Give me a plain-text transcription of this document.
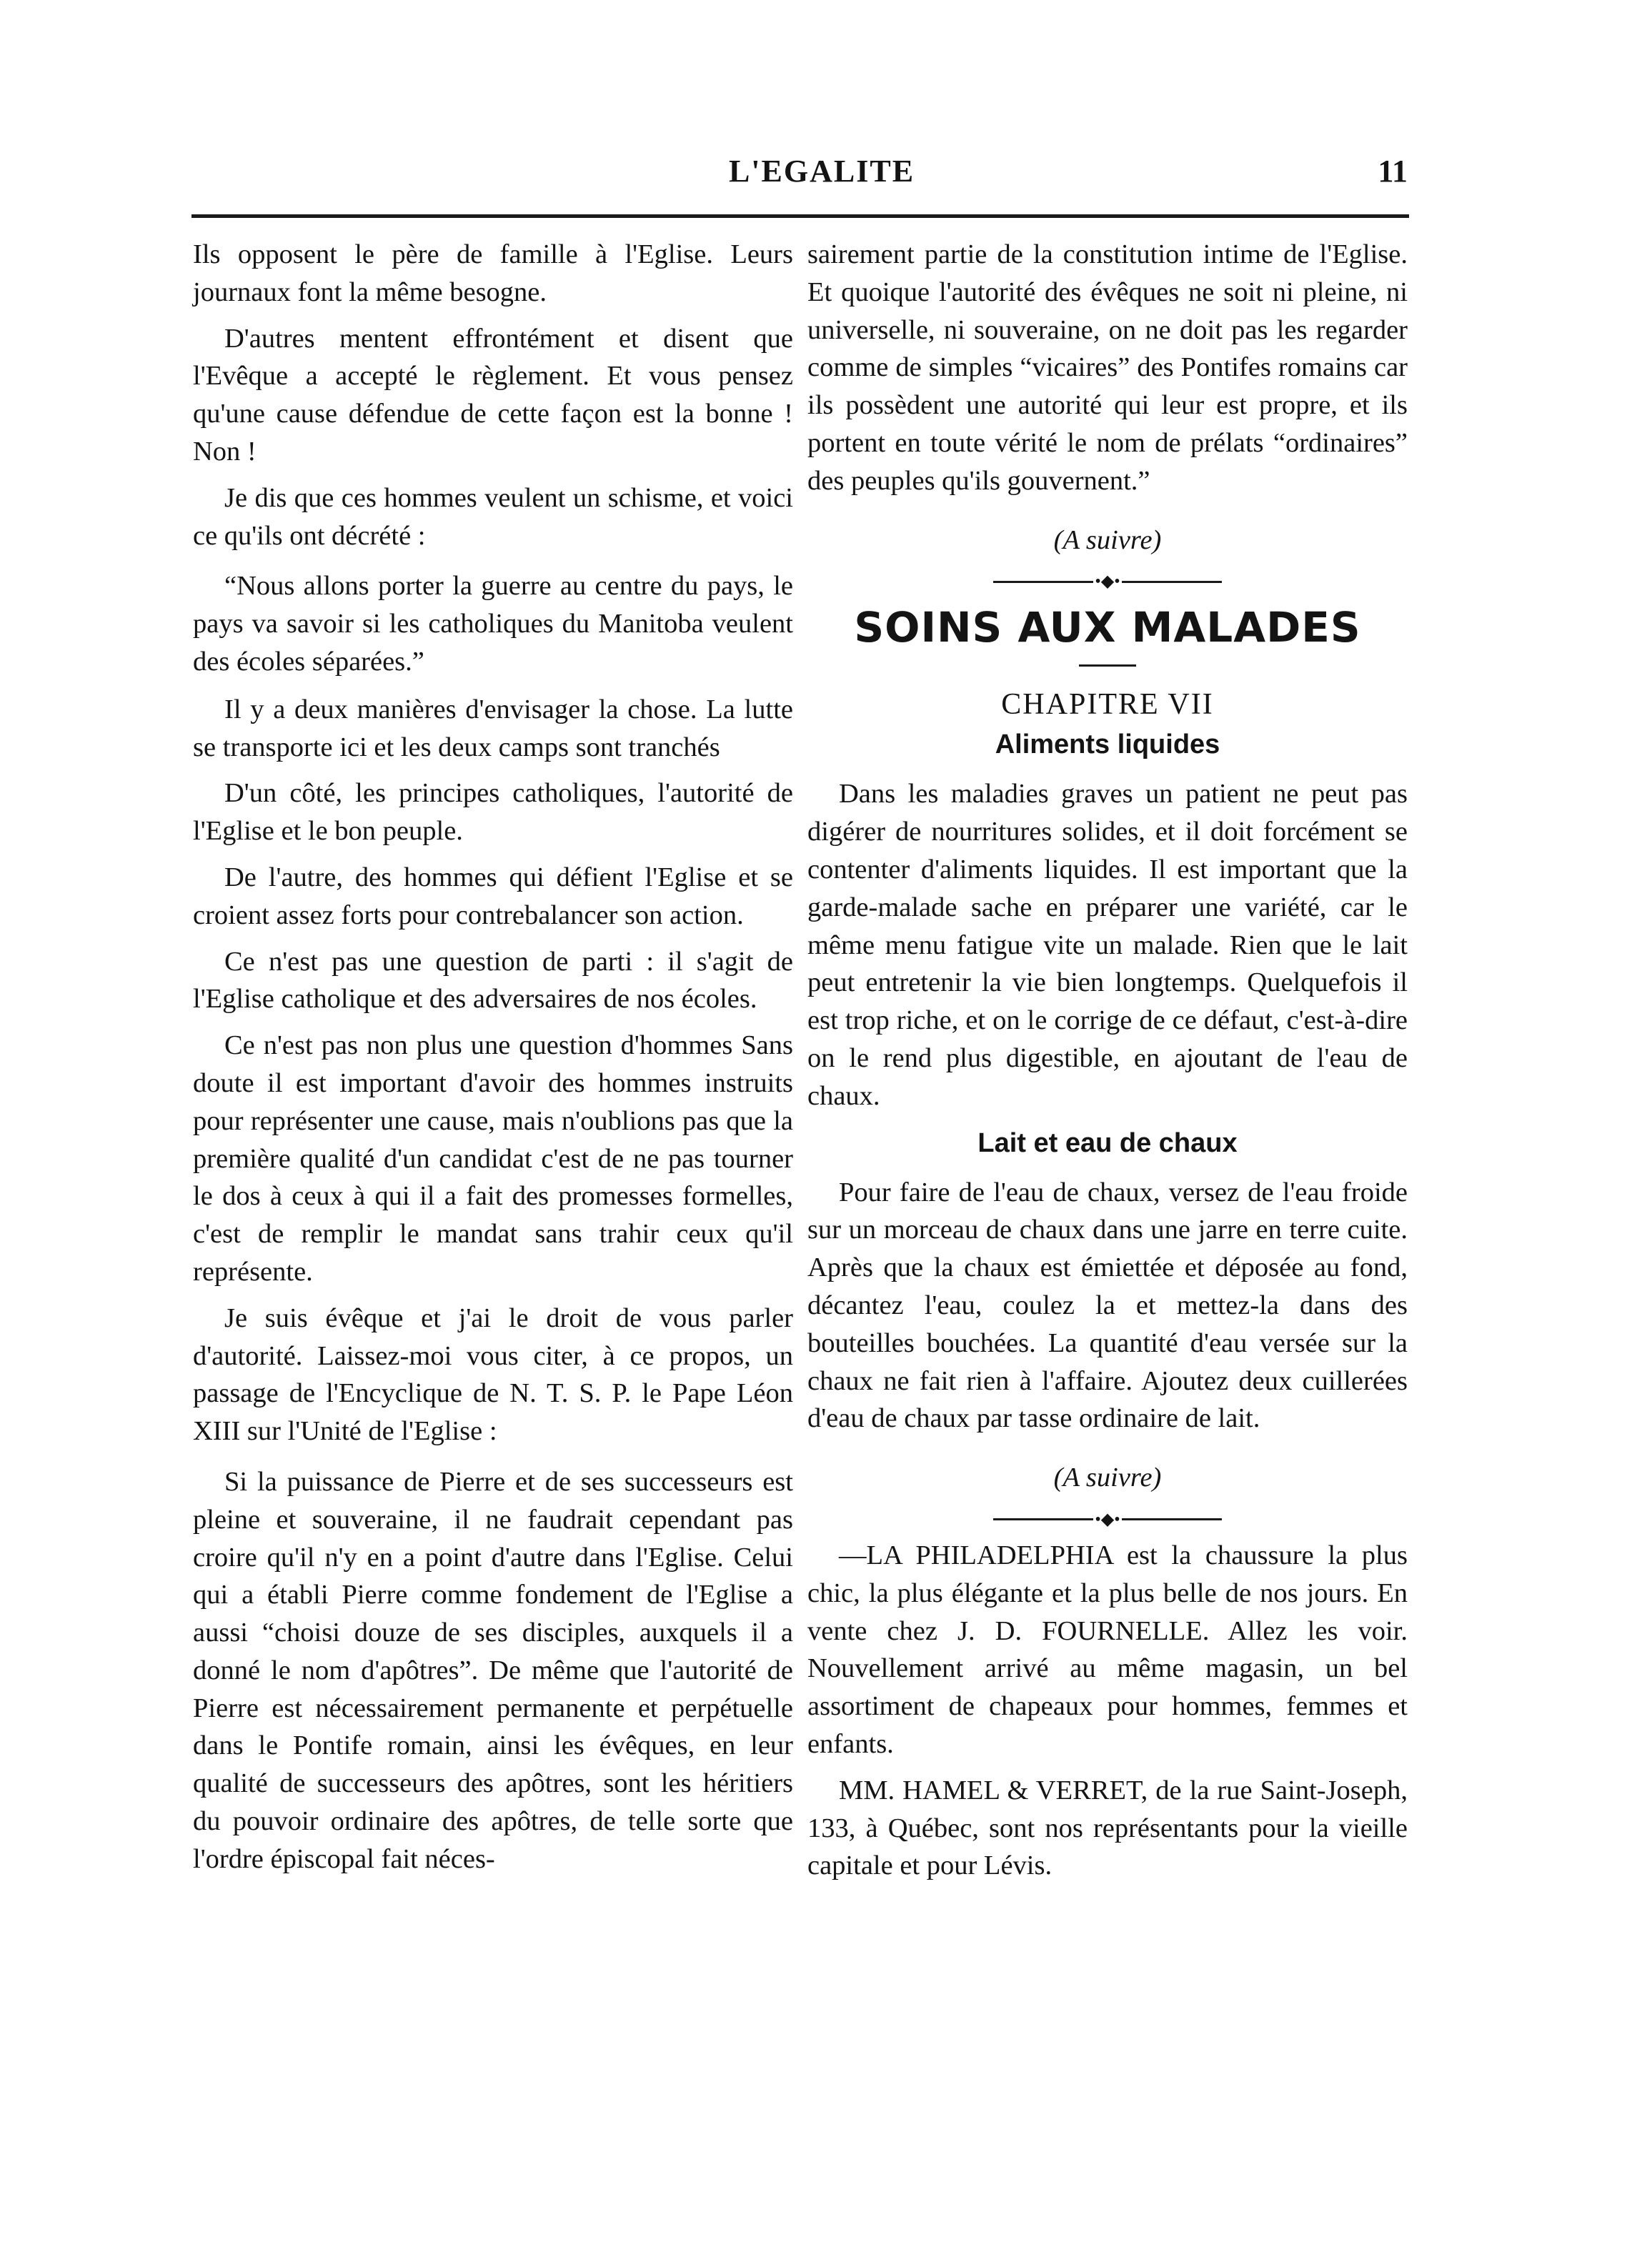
L'EGALITE	11

Ils opposent le père de famille à l'Eglise. Leurs journaux font la même besogne.

D'autres mentent effrontément et disent que l'Evêque a accepté le règlement. Et vous pensez qu'une cause défendue de cette façon est la bonne ! Non !

Je dis que ces hommes veulent un schisme, et voici ce qu'ils ont décrété :

“Nous allons porter la guerre au centre du pays, le pays va savoir si les catholiques du Manitoba veulent des écoles séparées.”

Il y a deux manières d'envisager la chose. La lutte se transporte ici et les deux camps sont tranchés

D'un côté, les principes catholiques, l'autorité de l'Eglise et le bon peuple.

De l'autre, des hommes qui défient l'Eglise et se croient assez forts pour contrebalancer son action.

Ce n'est pas une question de parti : il s'agit de l'Eglise catholique et des adversaires de nos écoles.

Ce n'est pas non plus une question d'hommes Sans doute il est important d'avoir des hommes instruits pour représenter une cause, mais n'oublions pas que la première qualité d'un candidat c'est de ne pas tourner le dos à ceux à qui il a fait des promesses formelles, c'est de remplir le mandat sans trahir ceux qu'il représente.

Je suis évêque et j'ai le droit de vous parler d'autorité. Laissez-moi vous citer, à ce propos, un passage de l'Encyclique de N. T. S. P. le Pape Léon XIII sur l'Unité de l'Eglise :

Si la puissance de Pierre et de ses successeurs est pleine et souveraine, il ne faudrait cependant pas croire qu'il n'y en a point d'autre dans l'Eglise. Celui qui a établi Pierre comme fondement de l'Eglise a aussi “choisi douze de ses disciples, auxquels il a donné le nom d'apôtres”. De même que l'autorité de Pierre est nécessairement permanente et perpétuelle dans le Pontife romain, ainsi les évêques, en leur qualité de successeurs des apôtres, sont les héritiers du pouvoir ordinaire des apôtres, de telle sorte que l'ordre épiscopal fait néces-

sairement partie de la constitution intime de l'Eglise. Et quoique l'autorité des évêques ne soit ni pleine, ni universelle, ni souveraine, on ne doit pas les regarder comme de simples “vicaires” des Pontifes romains car ils possèdent une autorité qui leur est propre, et ils portent en toute vérité le nom de prélats “ordinaires” des peuples qu'ils gouvernent.”

(A suivre)
•◆•
SOINS AUX MALADES
CHAPITRE VII
Aliments liquides

Dans les maladies graves un patient ne peut pas digérer de nourritures solides, et il doit forcément se contenter d'aliments liquides. Il est important que la garde-malade sache en préparer une variété, car le même menu fatigue vite un malade. Rien que le lait peut entretenir la vie bien longtemps. Quelquefois il est trop riche, et on le corrige de ce défaut, c'est-à-dire on le rend plus digestible, en ajoutant de l'eau de chaux.

Lait et eau de chaux

Pour faire de l'eau de chaux, versez de l'eau froide sur un morceau de chaux dans une jarre en terre cuite. Après que la chaux est émiettée et déposée au fond, décantez l'eau, coulez la et mettez-la dans des bouteilles bouchées. La quantité d'eau versée sur la chaux ne fait rien à l'affaire. Ajoutez deux cuillerées d'eau de chaux par tasse ordinaire de lait.

(A suivre)
•◆•

—LA PHILADELPHIA est la chaussure la plus chic, la plus élégante et la plus belle de nos jours. En vente chez J. D. FOURNELLE. Allez les voir. Nouvellement arrivé au même magasin, un bel assortiment de chapeaux pour hommes, femmes et enfants.

MM. HAMEL & VERRET, de la rue Saint-Joseph, 133, à Québec, sont nos représentants pour la vieille capitale et pour Lévis.
